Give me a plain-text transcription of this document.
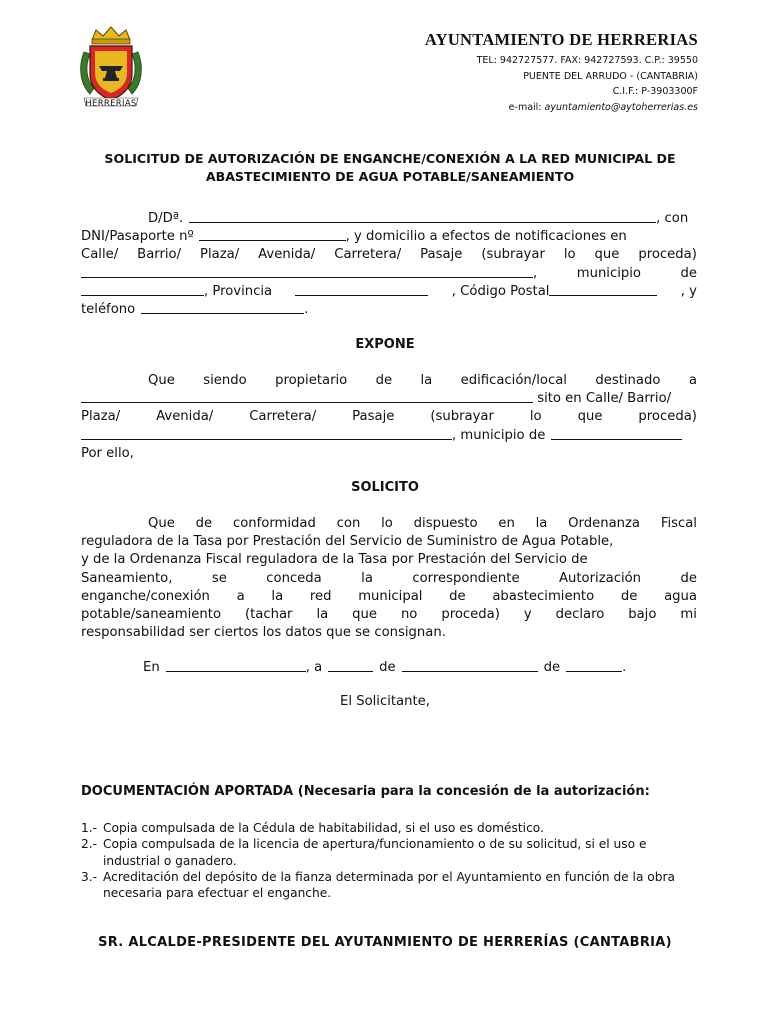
HERRERIAS
AYUNTAMIENTO DE HERRERIAS
TEL: 942727577. FAX: 942727593. C.P.: 39550
PUENTE DEL ARRUDO - (CANTABRIA)
C.I.F.: P-3903300F
e-mail: ayuntamiento@aytoherrerias.es
SOLICITUD DE AUTORIZACIÓN DE ENGANCHE/CONEXIÓN A LA RED MUNICIPAL DE
ABASTECIMIENTO DE AGUA POTABLE/SANEAMIENTO
D/Dª.	, con
DNI/Pasaporte nº	, y domicilio a efectos de notificaciones en
Calle/ Barrio/ Plaza/ Avenida/ Carretera/ Pasaje (subrayar lo que proceda)
,	municipio	de
, Provincia	, Código Postal	, y
teléfono	.
EXPONE
Que siendo propietario de la edificación/local destinado a
sito en Calle/ Barrio/
Plaza/	Avenida/	Carretera/	Pasaje	(subrayar	lo	que	proceda)
, municipio de
Por ello,
SOLICITO
Que de conformidad con lo dispuesto en la Ordenanza Fiscal
reguladora de la Tasa por Prestación del Servicio de Suministro de Agua Potable,
y de la Ordenanza Fiscal reguladora de la Tasa por Prestación del Servicio de
Saneamiento,	se	conceda	la	correspondiente	Autorización	de
enganche/conexión a la red municipal de abastecimiento de agua
potable/saneamiento (tachar la que no proceda) y declaro bajo mi
responsabilidad ser ciertos los datos que se consignan.
En	, a	de	de	.
El Solicitante,
DOCUMENTACIÓN APORTADA (Necesaria para la concesión de la autorización:
1.- Copia compulsada de la Cédula de habitabilidad, si el uso es doméstico.
2.- Copia compulsada de la licencia de apertura/funcionamiento o de su solicitud, si el uso e industrial o ganadero.
3.- Acreditación del depósito de la fianza determinada por el Ayuntamiento en función de la obra necesaria para efectuar el enganche.
SR. ALCALDE-PRESIDENTE DEL AYUTANMIENTO DE HERRERÍAS (CANTABRIA)
